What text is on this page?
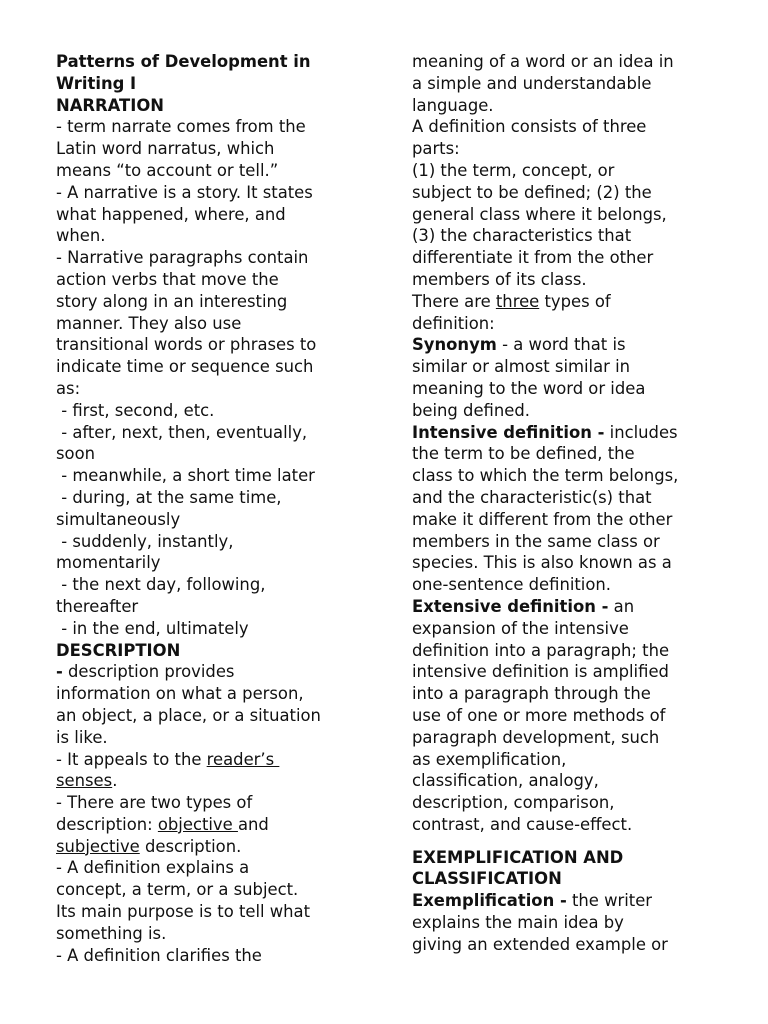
Patterns of Development in
Writing I
NARRATION
- term narrate comes from the
Latin word narratus, which
means “to account or tell.”
- A narrative is a story. It states
what happened, where, and
when.
- Narrative paragraphs contain
action verbs that move the
story along in an interesting
manner. They also use
transitional words or phrases to
indicate time or sequence such
as:
- first, second, etc.
- after, next, then, eventually,
soon
- meanwhile, a short time later
- during, at the same time,
simultaneously
- suddenly, instantly,
momentarily
- the next day, following,
thereafter
- in the end, ultimately
DESCRIPTION
- description provides
information on what a person,
an object, a place, or a situation
is like.
- It appeals to the reader’s
senses.
- There are two types of
description: objective and
subjective description.
- A definition explains a
concept, a term, or a subject.
Its main purpose is to tell what
something is.
- A definition clarifies the
meaning of a word or an idea in
a simple and understandable
language.
A definition consists of three
parts:
(1) the term, concept, or
subject to be defined; (2) the
general class where it belongs,
(3) the characteristics that
differentiate it from the other
members of its class.
There are three types of
definition:
Synonym - a word that is
similar or almost similar in
meaning to the word or idea
being defined.
Intensive definition - includes
the term to be defined, the
class to which the term belongs,
and the characteristic(s) that
make it different from the other
members in the same class or
species. This is also known as a
one-sentence definition.
Extensive definition - an
expansion of the intensive
definition into a paragraph; the
intensive definition is amplified
into a paragraph through the
use of one or more methods of
paragraph development, such
as exemplification,
classification, analogy,
description, comparison,
contrast, and cause-effect.
EXEMPLIFICATION AND
CLASSIFICATION
Exemplification - the writer
explains the main idea by
giving an extended example or
